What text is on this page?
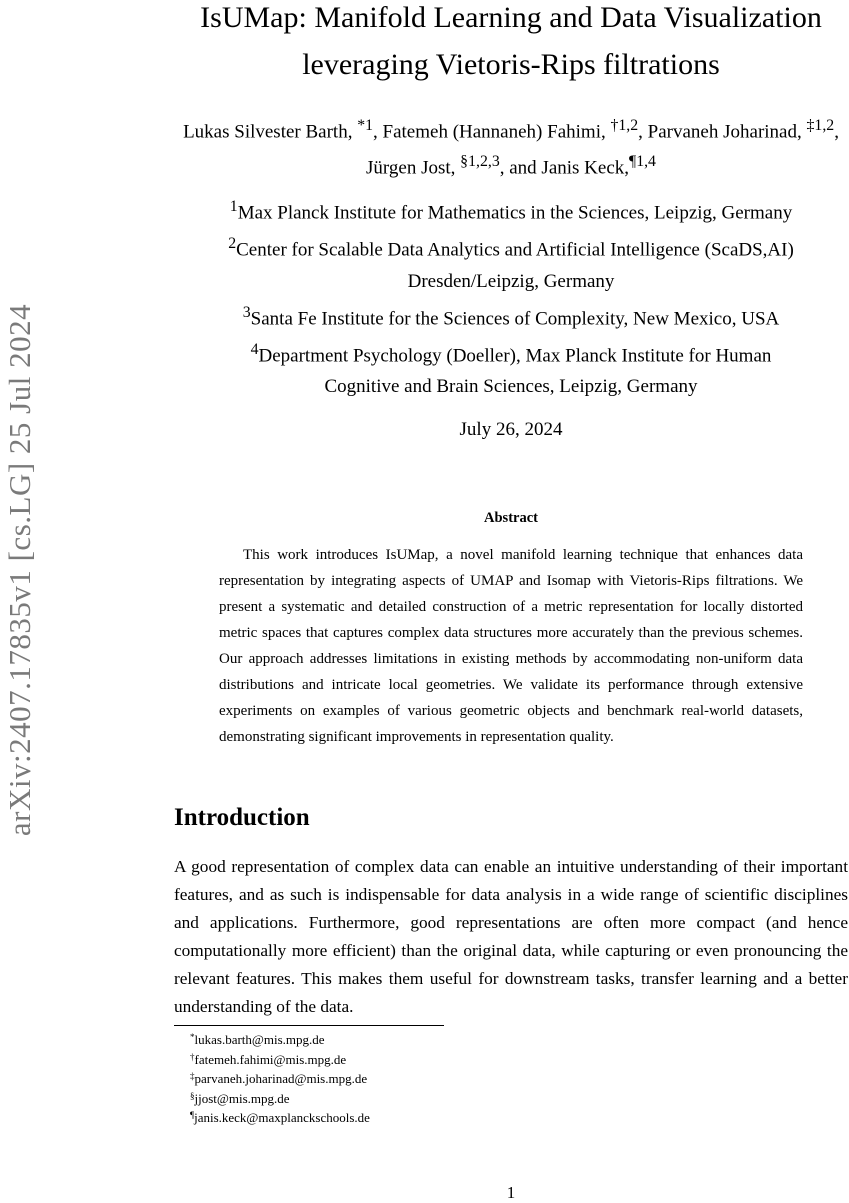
arXiv:2407.17835v1 [cs.LG] 25 Jul 2024
IsUMap: Manifold Learning and Data Visualization
leveraging Vietoris-Rips filtrations
Lukas Silvester Barth, $^{*1}$, Fatemeh (Hannaneh) Fahimi, $^{\dagger 1,2}$, Parvaneh Joharinad, $^{\ddagger 1,2}$, Jürgen Jost, $^{\S 1,2,3}$, and Janis Keck,$^{\P 1,4}$
$^1$Max Planck Institute for Mathematics in the Sciences, Leipzig, Germany
$^2$Center for Scalable Data Analytics and Artificial Intelligence (ScaDS,AI)
Dresden/Leipzig, Germany
$^3$Santa Fe Institute for the Sciences of Complexity, New Mexico, USA
$^4$Department Psychology (Doeller), Max Planck Institute for Human
Cognitive and Brain Sciences, Leipzig, Germany
July 26, 2024
Abstract

This work introduces IsUMap, a novel manifold learning technique that enhances data representation by integrating aspects of UMAP and Isomap with Vietoris-Rips filtrations. We present a systematic and detailed construction of a metric representation for locally distorted metric spaces that captures complex data structures more accurately than the previous schemes. Our approach addresses limitations in existing methods by accommodating non-uniform data distributions and intricate local geometries. We validate its performance through extensive experiments on examples of various geometric objects and benchmark real-world datasets, demonstrating significant improvements in representation quality.

Introduction

A good representation of complex data can enable an intuitive understanding of their important features, and as such is indispensable for data analysis in a wide range of scientific disciplines and applications. Furthermore, good representations are often more compact (and hence computationally more efficient) than the original data, while capturing or even pronouncing the relevant features. This makes them useful for downstream tasks, transfer learning and a better understanding of the data.

*lukas.barth@mis.mpg.de
†fatemeh.fahimi@mis.mpg.de
‡parvaneh.joharinad@mis.mpg.de
§jjost@mis.mpg.de
¶janis.keck@maxplanckschools.de
1
